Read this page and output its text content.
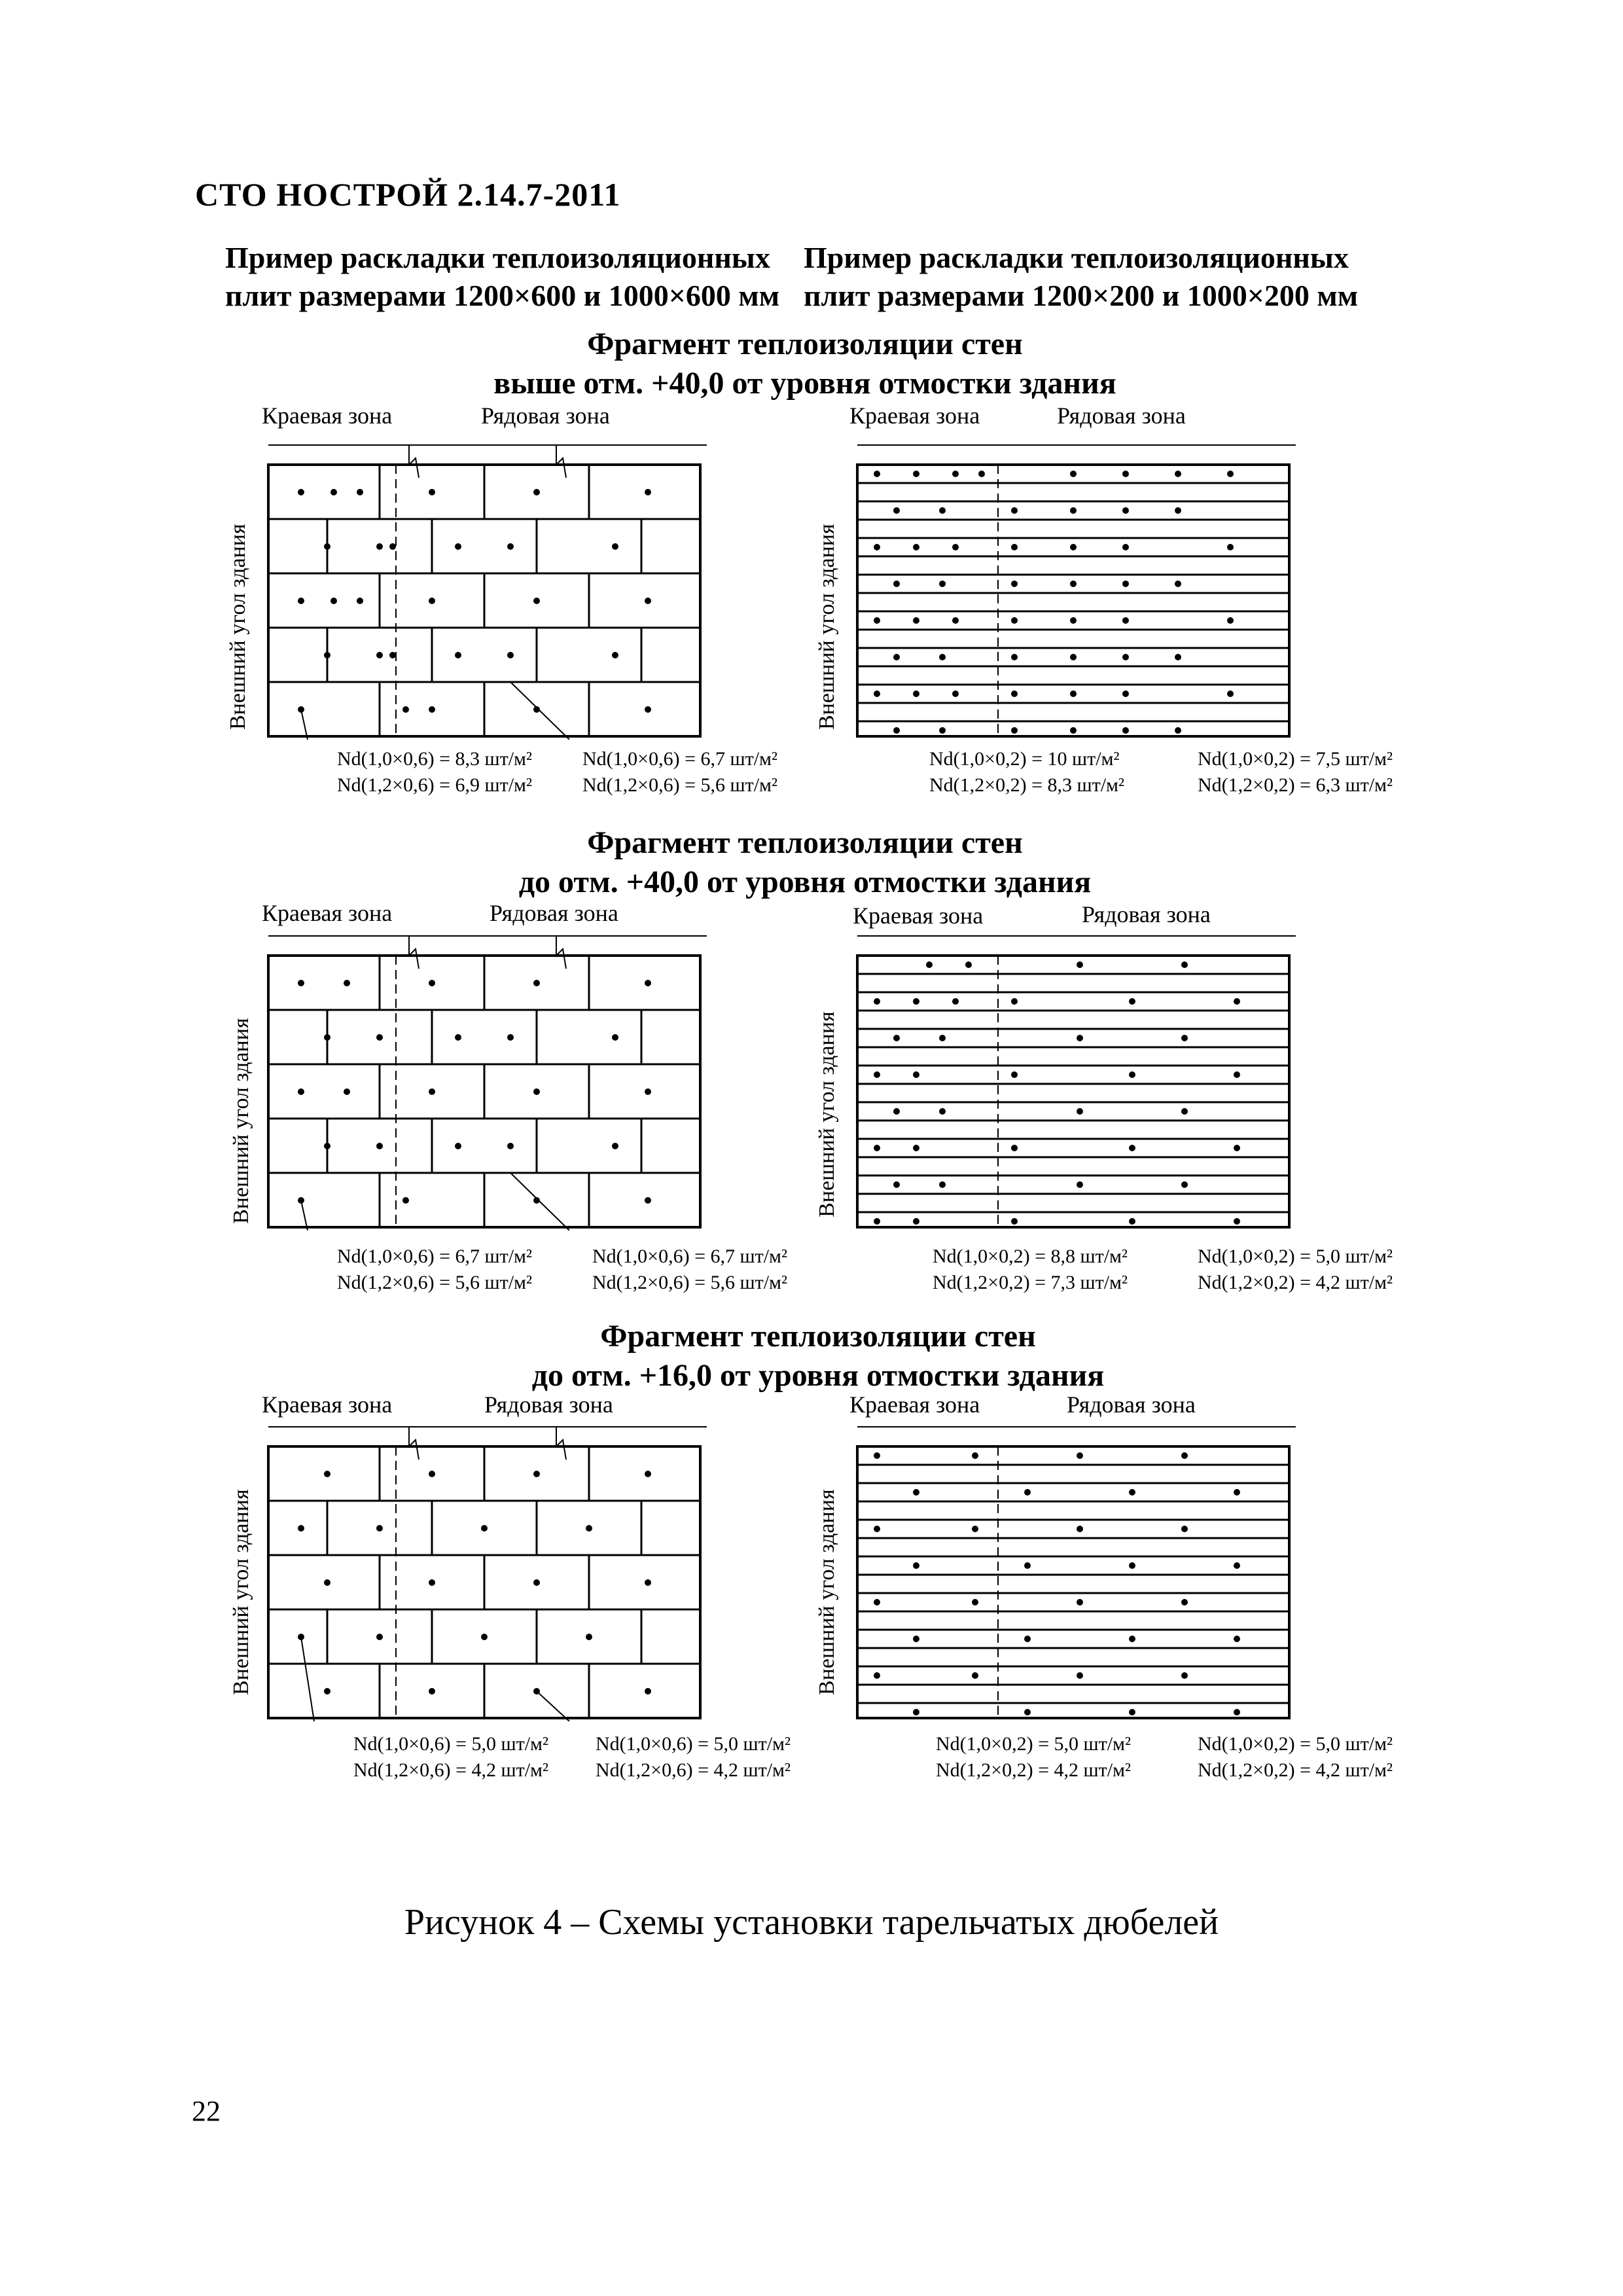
СТО НОСТРОЙ 2.14.7-2011
Пример раскладки теплоизоляционных
плит размерами 1200×600 и 1000×600 мм
Пример раскладки теплоизоляционных
плит размерами 1200×200 и 1000×200 мм
Фрагмент теплоизоляции стен
выше отм. +40,0 от уровня отмостки здания
Краевая зона	Рядовая зона	Краевая зона	Рядовая зона
Внешний угол здания	Внешний угол здания
Nd(1,0×0,6) = 8,3 шт/м²
Nd(1,2×0,6) = 6,9 шт/м²
Nd(1,0×0,6) = 6,7 шт/м²
Nd(1,2×0,6) = 5,6 шт/м²
Nd(1,0×0,2) = 10 шт/м²
Nd(1,2×0,2) = 8,3 шт/м²
Nd(1,0×0,2) = 7,5 шт/м²
Nd(1,2×0,2) = 6,3 шт/м²
Фрагмент теплоизоляции стен
до отм. +40,0 от уровня отмостки здания
Краевая зона	Рядовая зона	Краевая зона	Рядовая зона
Внешний угол здания	Внешний угол здания
Nd(1,0×0,6) = 6,7 шт/м²
Nd(1,2×0,6) = 5,6 шт/м²
Nd(1,0×0,6) = 6,7 шт/м²
Nd(1,2×0,6) = 5,6 шт/м²
Nd(1,0×0,2) = 8,8 шт/м²
Nd(1,2×0,2) = 7,3 шт/м²
Nd(1,0×0,2) = 5,0 шт/м²
Nd(1,2×0,2) = 4,2 шт/м²
Фрагмент теплоизоляции стен
до отм. +16,0 от уровня отмостки здания
Краевая зона	Рядовая зона	Краевая зона	Рядовая зона
Внешний угол здания	Внешний угол здания
Nd(1,0×0,6) = 5,0 шт/м²
Nd(1,2×0,6) = 4,2 шт/м²
Nd(1,0×0,6) = 5,0 шт/м²
Nd(1,2×0,6) = 4,2 шт/м²
Nd(1,0×0,2) = 5,0 шт/м²
Nd(1,2×0,2) = 4,2 шт/м²
Nd(1,0×0,2) = 5,0 шт/м²
Nd(1,2×0,2) = 4,2 шт/м²
Рисунок 4 – Схемы установки тарельчатых дюбелей
22
